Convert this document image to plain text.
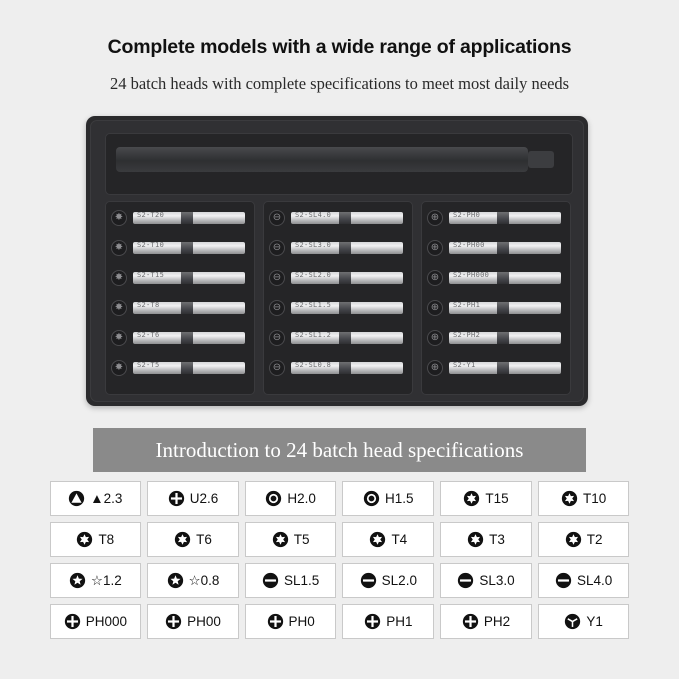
Complete models with a wide range of applications
24 batch heads with complete specifications to meet most daily needs
✸	S2-T20
✸	S2-T10
✸	S2-T15
✸	S2-T8
✸	S2-T6
✸	S2-T5
⊖	S2-SL4.0
⊖	S2-SL3.0
⊖	S2-SL2.0
⊖	S2-SL1.5
⊖	S2-SL1.2
⊖	S2-SL0.8
⊕	S2-PH0
⊕	S2-PH00
⊕	S2-PH000
⊕	S2-PH1
⊕	S2-PH2
⊕	S2-Y1
Introduction to 24 batch head specifications
▲2.3	U2.6	H2.0	H1.5	T15	T10
T8	T6	T5	T4	T3	T2
☆1.2	☆0.8	SL1.5	SL2.0	SL3.0	SL4.0
PH000	PH00	PH0	PH1	PH2	Y1
